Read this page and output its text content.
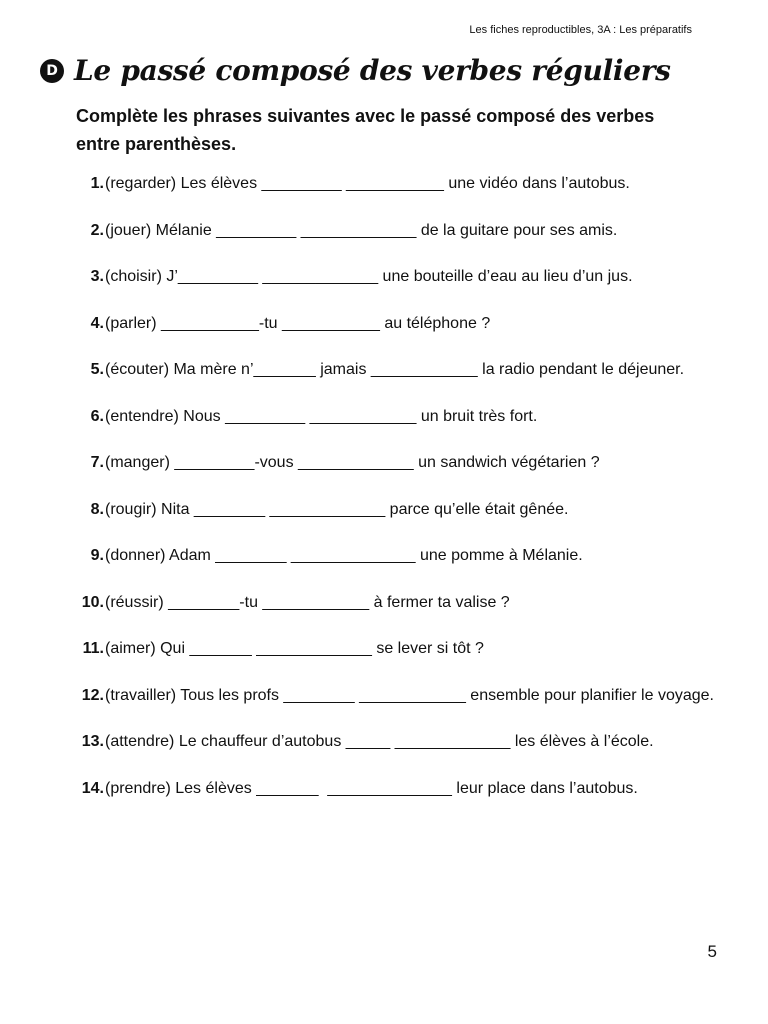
Les fiches reproductibles, 3A : Les préparatifs
D Le passé composé des verbes réguliers
Complète les phrases suivantes avec le passé composé des verbes entre parenthèses.
1. (regarder) Les élèves _________ ___________ une vidéo dans l’autobus.
2. (jouer) Mélanie _________ _____________ de la guitare pour ses amis.
3. (choisir) J’_________ _____________ une bouteille d’eau au lieu d’un jus.
4. (parler) ___________-tu ___________ au téléphone ?
5. (écouter) Ma mère n’_______ jamais ____________ la radio pendant le déjeuner.
6. (entendre) Nous _________ ____________ un bruit très fort.
7. (manger) _________-vous _____________ un sandwich végétarien ?
8. (rougir) Nita ________ _____________ parce qu’elle était gênée.
9. (donner) Adam ________ ______________ une pomme à Mélanie.
10. (réussir) ________-tu ____________ à fermer ta valise ?
11. (aimer) Qui _______ _____________ se lever si tôt ?
12. (travailler) Tous les profs ________ ____________ ensemble pour planifier le voyage.
13. (attendre) Le chauffeur d’autobus _____ _____________ les élèves à l’école.
14. (prendre) Les élèves _______  ______________ leur place dans l’autobus.
5
